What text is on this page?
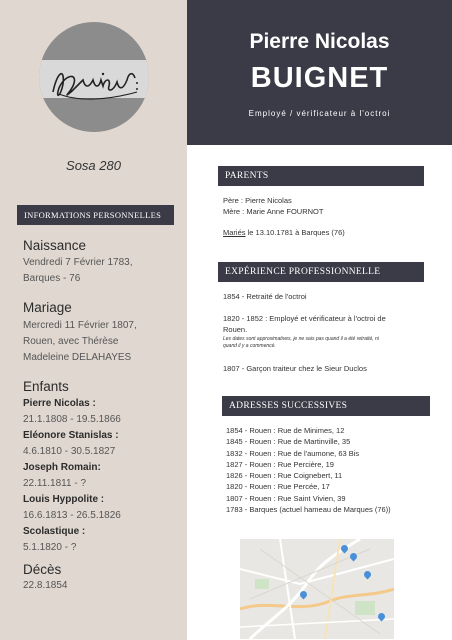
Sosa 280
Pierre Nicolas
BUIGNET
Employé / vérificateur à l'octroi
INFORMATIONS PERSONNELLES
Naissance
Vendredi 7 Février 1783,
Barques - 76
Mariage
Mercredi 11 Février 1807,
Rouen, avec Thérèse
Madeleine DELAHAYES
Enfants
Pierre Nicolas :
21.1.1808 - 19.5.1866
Eléonore Stanislas :
4.6.1810 - 30.5.1827
Joseph Romain:
22.11.1811 - ?
Louis Hyppolite :
16.6.1813 - 26.5.1826
Scolastique :
5.1.1820 - ?
Décès
22.8.1854
PARENTS
Père : Pierre Nicolas
Mère : Marie Anne FOURNOT
Mariés le 13.10.1781 à Barques (76)
EXPÉRIENCE PROFESSIONNELLE
1854 - Retraité de l'octroi
1820 - 1852 : Employé et vérificateur à l'octroi de
Rouen.
Les dates sont approximatives, je ne sais pas quand il a été retraité, ni
quand il y a commencé.
1807 - Garçon traiteur chez le Sieur Duclos
ADRESSES SUCCESSIVES
1854 - Rouen : Rue de Minimes, 12
1845 - Rouen : Rue de Martinville, 35
1832 - Rouen : Rue de l'aumone, 63 Bis
1827 - Rouen : Rue Percière, 19
1826 - Rouen : Rue Coignebert, 11
1820 - Rouen : Rue Percée, 17
1807 - Rouen : Rue Saint Vivien, 39
1783 - Barques (actuel hameau de Marques (76))
